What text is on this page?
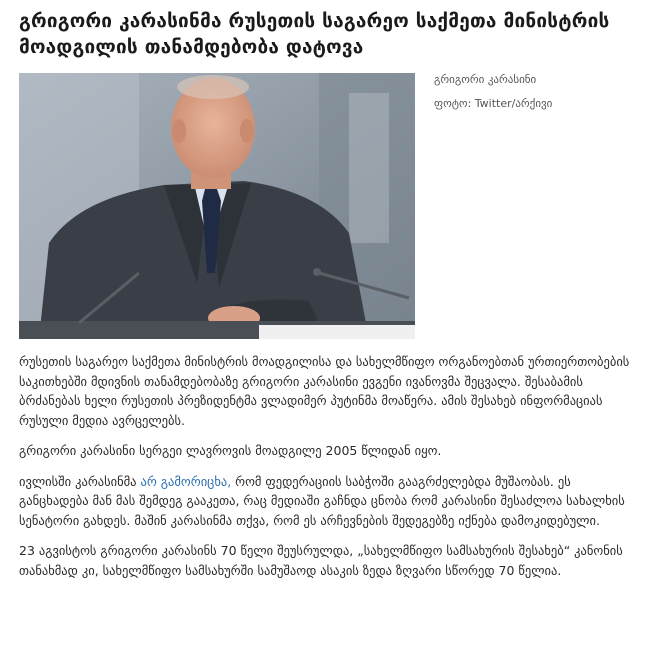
გრიგორი კარასინმა რუსეთის საგარეო საქმეთა მინისტრის მოადგილის თანამდებობა დატოვა
გრიგორი კარასინი
ფოტო: Twitter/არქივი

რუსეთის საგარეო საქმეთა მინისტრის მოადგილისა და სახელმწიფო ორგანოებთან ურთიერთობების საკითხებში მდივნის თანამდებობაზე გრიგორი კარასინი ევგენი ივანოვმა შეცვალა. შესაბამის ბრძანებას ხელი რუსეთის პრეზიდენტმა ვლადიმერ პუტინმა მოაწერა. ამის შესახებ ინფორმაციას რუსული მედია ავრცელებს.

გრიგორი კარასინი სერგეი ლავროვის მოადგილე 2005 წლიდან იყო.

ივლისში კარასინმა არ გამორიცხა, რომ ფედერაციის საბჭოში გააგრძელებდა მუშაობას. ეს განცხადება მან მას შემდეგ გააკეთა, რაც მედიაში გაჩნდა ცნობა რომ კარასინი შესაძლოა სახალხის სენატორი გახდეს. მაშინ კარასინმა თქვა, რომ ეს არჩევნების შედეგებზე იქნება დამოკიდებული.

23 აგვისტოს გრიგორი კარასინს 70 წელი შეუსრულდა, „სახელმწიფო სამსახურის შესახებ“ კანონის თანახმად კი, სახელმწიფო სამსახურში სამუშაოდ ასაკის ზედა ზღვარი სწორედ 70 წელია.
